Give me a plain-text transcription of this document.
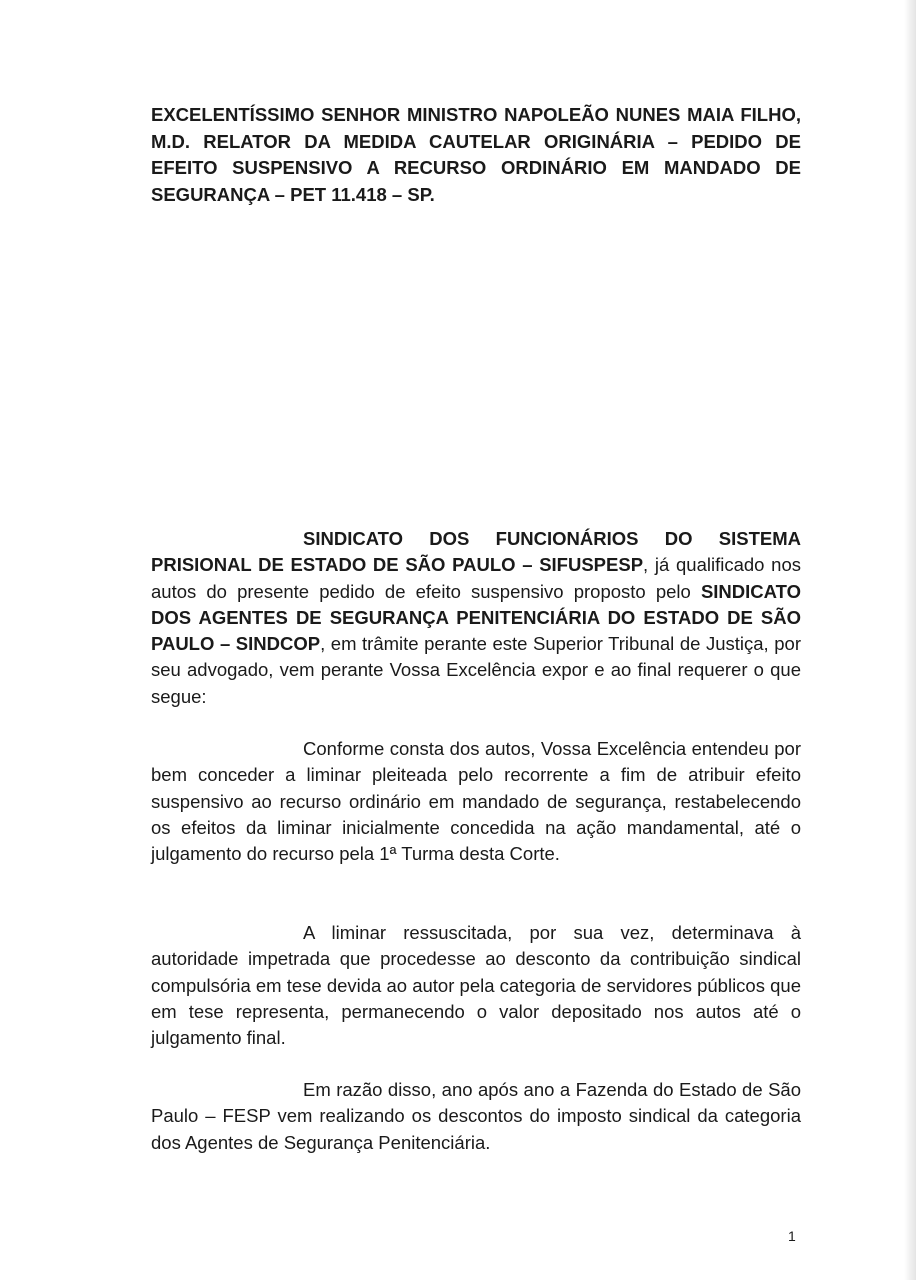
EXCELENTÍSSIMO SENHOR MINISTRO NAPOLEÃO NUNES MAIA FILHO, M.D. RELATOR DA MEDIDA CAUTELAR ORIGINÁRIA – PEDIDO DE EFEITO SUSPENSIVO A RECURSO ORDINÁRIO EM MANDADO DE SEGURANÇA – PET 11.418 – SP.

SINDICATO DOS FUNCIONÁRIOS DO SISTEMA PRISIONAL DE ESTADO DE SÃO PAULO – SIFUSPESP, já qualificado nos autos do presente pedido de efeito suspensivo proposto pelo SINDICATO DOS AGENTES DE SEGURANÇA PENITENCIÁRIA DO ESTADO DE SÃO PAULO – SINDCOP, em trâmite perante este Superior Tribunal de Justiça, por seu advogado, vem perante Vossa Excelência expor e ao final requerer o que segue:

Conforme consta dos autos, Vossa Excelência entendeu por bem conceder a liminar pleiteada pelo recorrente a fim de atribuir efeito suspensivo ao recurso ordinário em mandado de segurança, restabelecendo os efeitos da liminar inicialmente concedida na ação mandamental, até o julgamento do recurso pela 1ª Turma desta Corte.

A liminar ressuscitada, por sua vez, determinava à autoridade impetrada que procedesse ao desconto da contribuição sindical compulsória em tese devida ao autor pela categoria de servidores públicos que em tese representa, permanecendo o valor depositado nos autos até o julgamento final.

Em razão disso, ano após ano a Fazenda do Estado de São Paulo – FESP vem realizando os descontos do imposto sindical da categoria dos Agentes de Segurança Penitenciária.

1
